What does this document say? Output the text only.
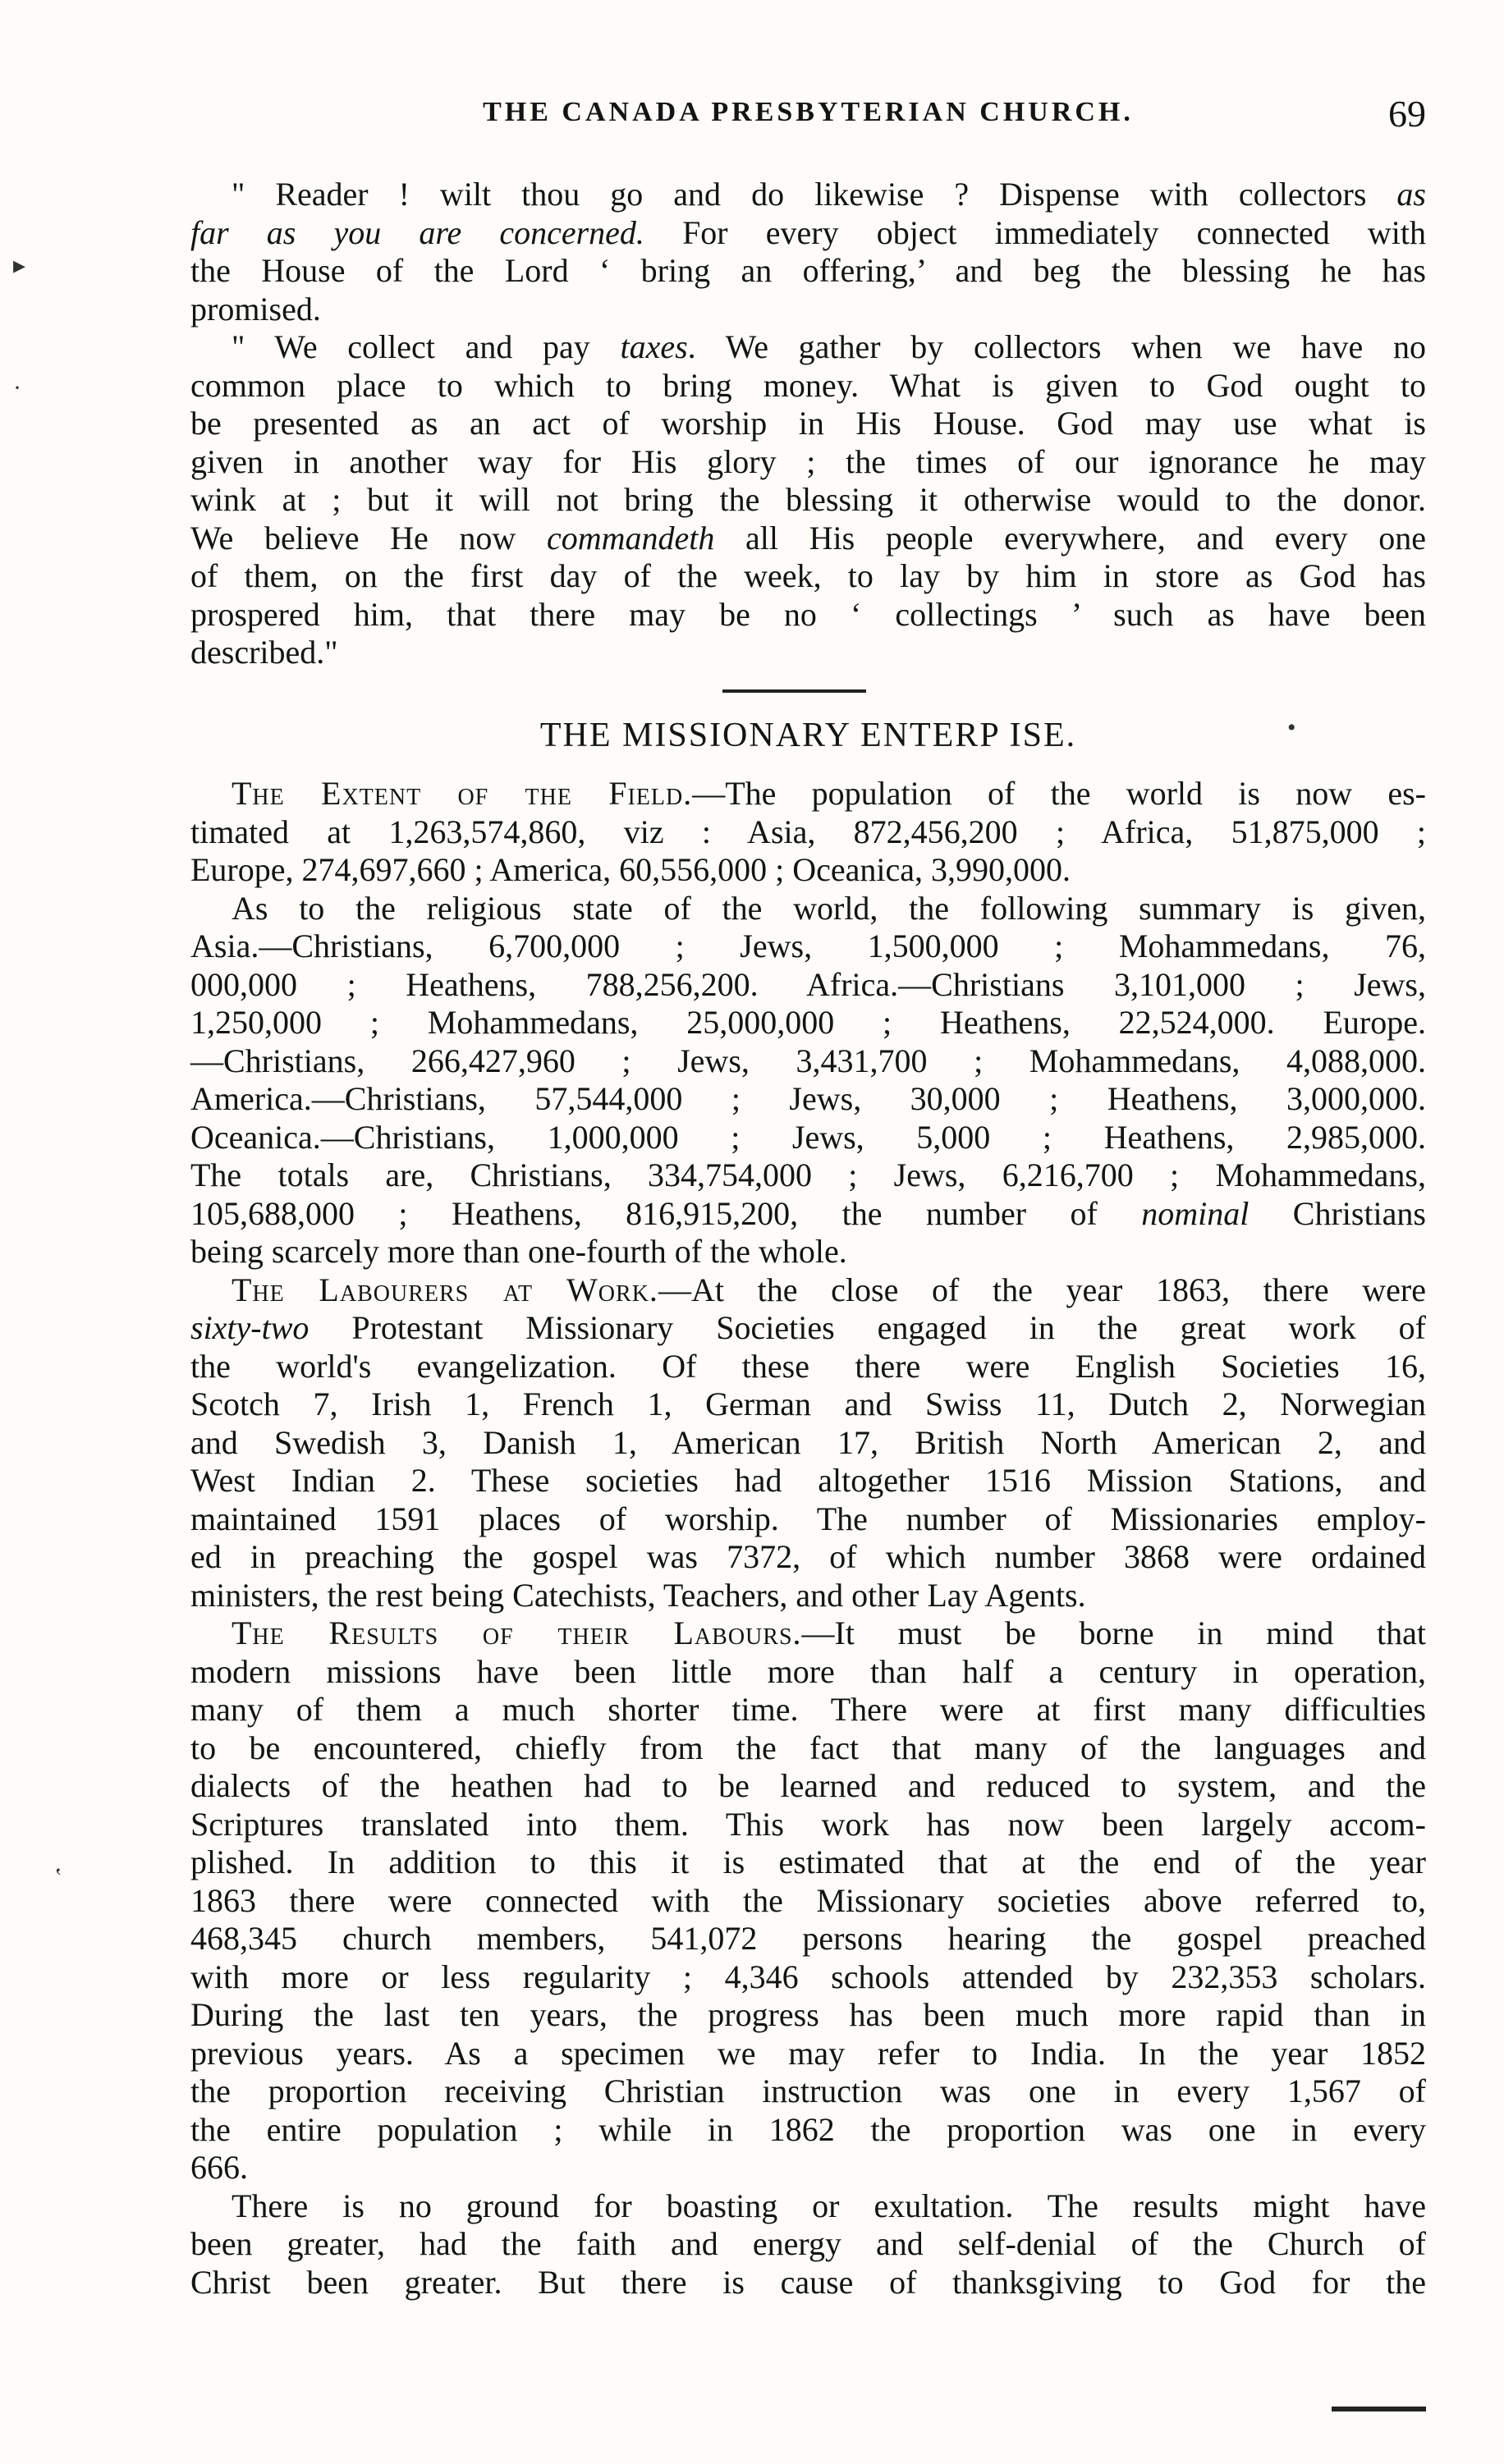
THE CANADA PRESBYTERIAN CHURCH.	69
" Reader ! wilt thou go and do likewise ? Dispense with collectors as
far as you are concerned. For every object immediately connected with
the House of the Lord ‘ bring an offering,’ and beg the blessing he has
promised.
" We collect and pay taxes. We gather by collectors when we have no
common place to which to bring money. What is given to God ought to
be presented as an act of worship in His House. God may use what is
given in another way for His glory ; the times of our ignorance he may
wink at ; but it will not bring the blessing it otherwise would to the donor.
We believe He now commandeth all His people everywhere, and every one
of them, on the first day of the week, to lay by him in store as God has
prospered him, that there may be no ‘ collectings ’ such as have been
described."
THE MISSIONARY ENTERP ISE.
The Extent of the Field.—The population of the world is now es-
timated at 1,263,574,860, viz : Asia, 872,456,200 ; Africa, 51,875,000 ;
Europe, 274,697,660 ; America, 60,556,000 ; Oceanica, 3,990,000.
As to the religious state of the world, the following summary is given,
Asia.—Christians, 6,700,000 ; Jews, 1,500,000 ; Mohammedans, 76,
000,000 ; Heathens, 788,256,200. Africa.—Christians 3,101,000 ; Jews,
1,250,000 ; Mohammedans, 25,000,000 ; Heathens, 22,524,000. Europe.
—Christians, 266,427,960 ; Jews, 3,431,700 ; Mohammedans, 4,088,000.
America.—Christians, 57,544,000 ; Jews, 30,000 ; Heathens, 3,000,000.
Oceanica.—Christians, 1,000,000 ; Jews, 5,000 ; Heathens, 2,985,000.
The totals are, Christians, 334,754,000 ; Jews, 6,216,700 ; Mohammedans,
105,688,000 ; Heathens, 816,915,200, the number of nominal Christians
being scarcely more than one-fourth of the whole.
The Labourers at Work.—At the close of the year 1863, there were
sixty-two Protestant Missionary Societies engaged in the great work of
the world's evangelization. Of these there were English Societies 16,
Scotch 7, Irish 1, French 1, German and Swiss 11, Dutch 2, Norwegian
and Swedish 3, Danish 1, American 17, British North American 2, and
West Indian 2. These societies had altogether 1516 Mission Stations, and
maintained 1591 places of worship. The number of Missionaries employ-
ed in preaching the gospel was 7372, of which number 3868 were ordained
ministers, the rest being Catechists, Teachers, and other Lay Agents.
The Results of their Labours.—It must be borne in mind that
modern missions have been little more than half a century in operation,
many of them a much shorter time. There were at first many difficulties
to be encountered, chiefly from the fact that many of the languages and
dialects of the heathen had to be learned and reduced to system, and the
Scriptures translated into them. This work has now been largely accom-
plished. In addition to this it is estimated that at the end of the year
1863 there were connected with the Missionary societies above referred to,
468,345 church members, 541,072 persons hearing the gospel preached
with more or less regularity ; 4,346 schools attended by 232,353 scholars.
During the last ten years, the progress has been much more rapid than in
previous years. As a specimen we may refer to India. In the year 1852
the proportion receiving Christian instruction was one in every 1,567 of
the entire population ; while in 1862 the proportion was one in every
666.
There is no ground for boasting or exultation. The results might have
been greater, had the faith and energy and self-denial of the Church of
Christ been greater. But there is cause of thanksgiving to God for the
▸
·
•
‛
